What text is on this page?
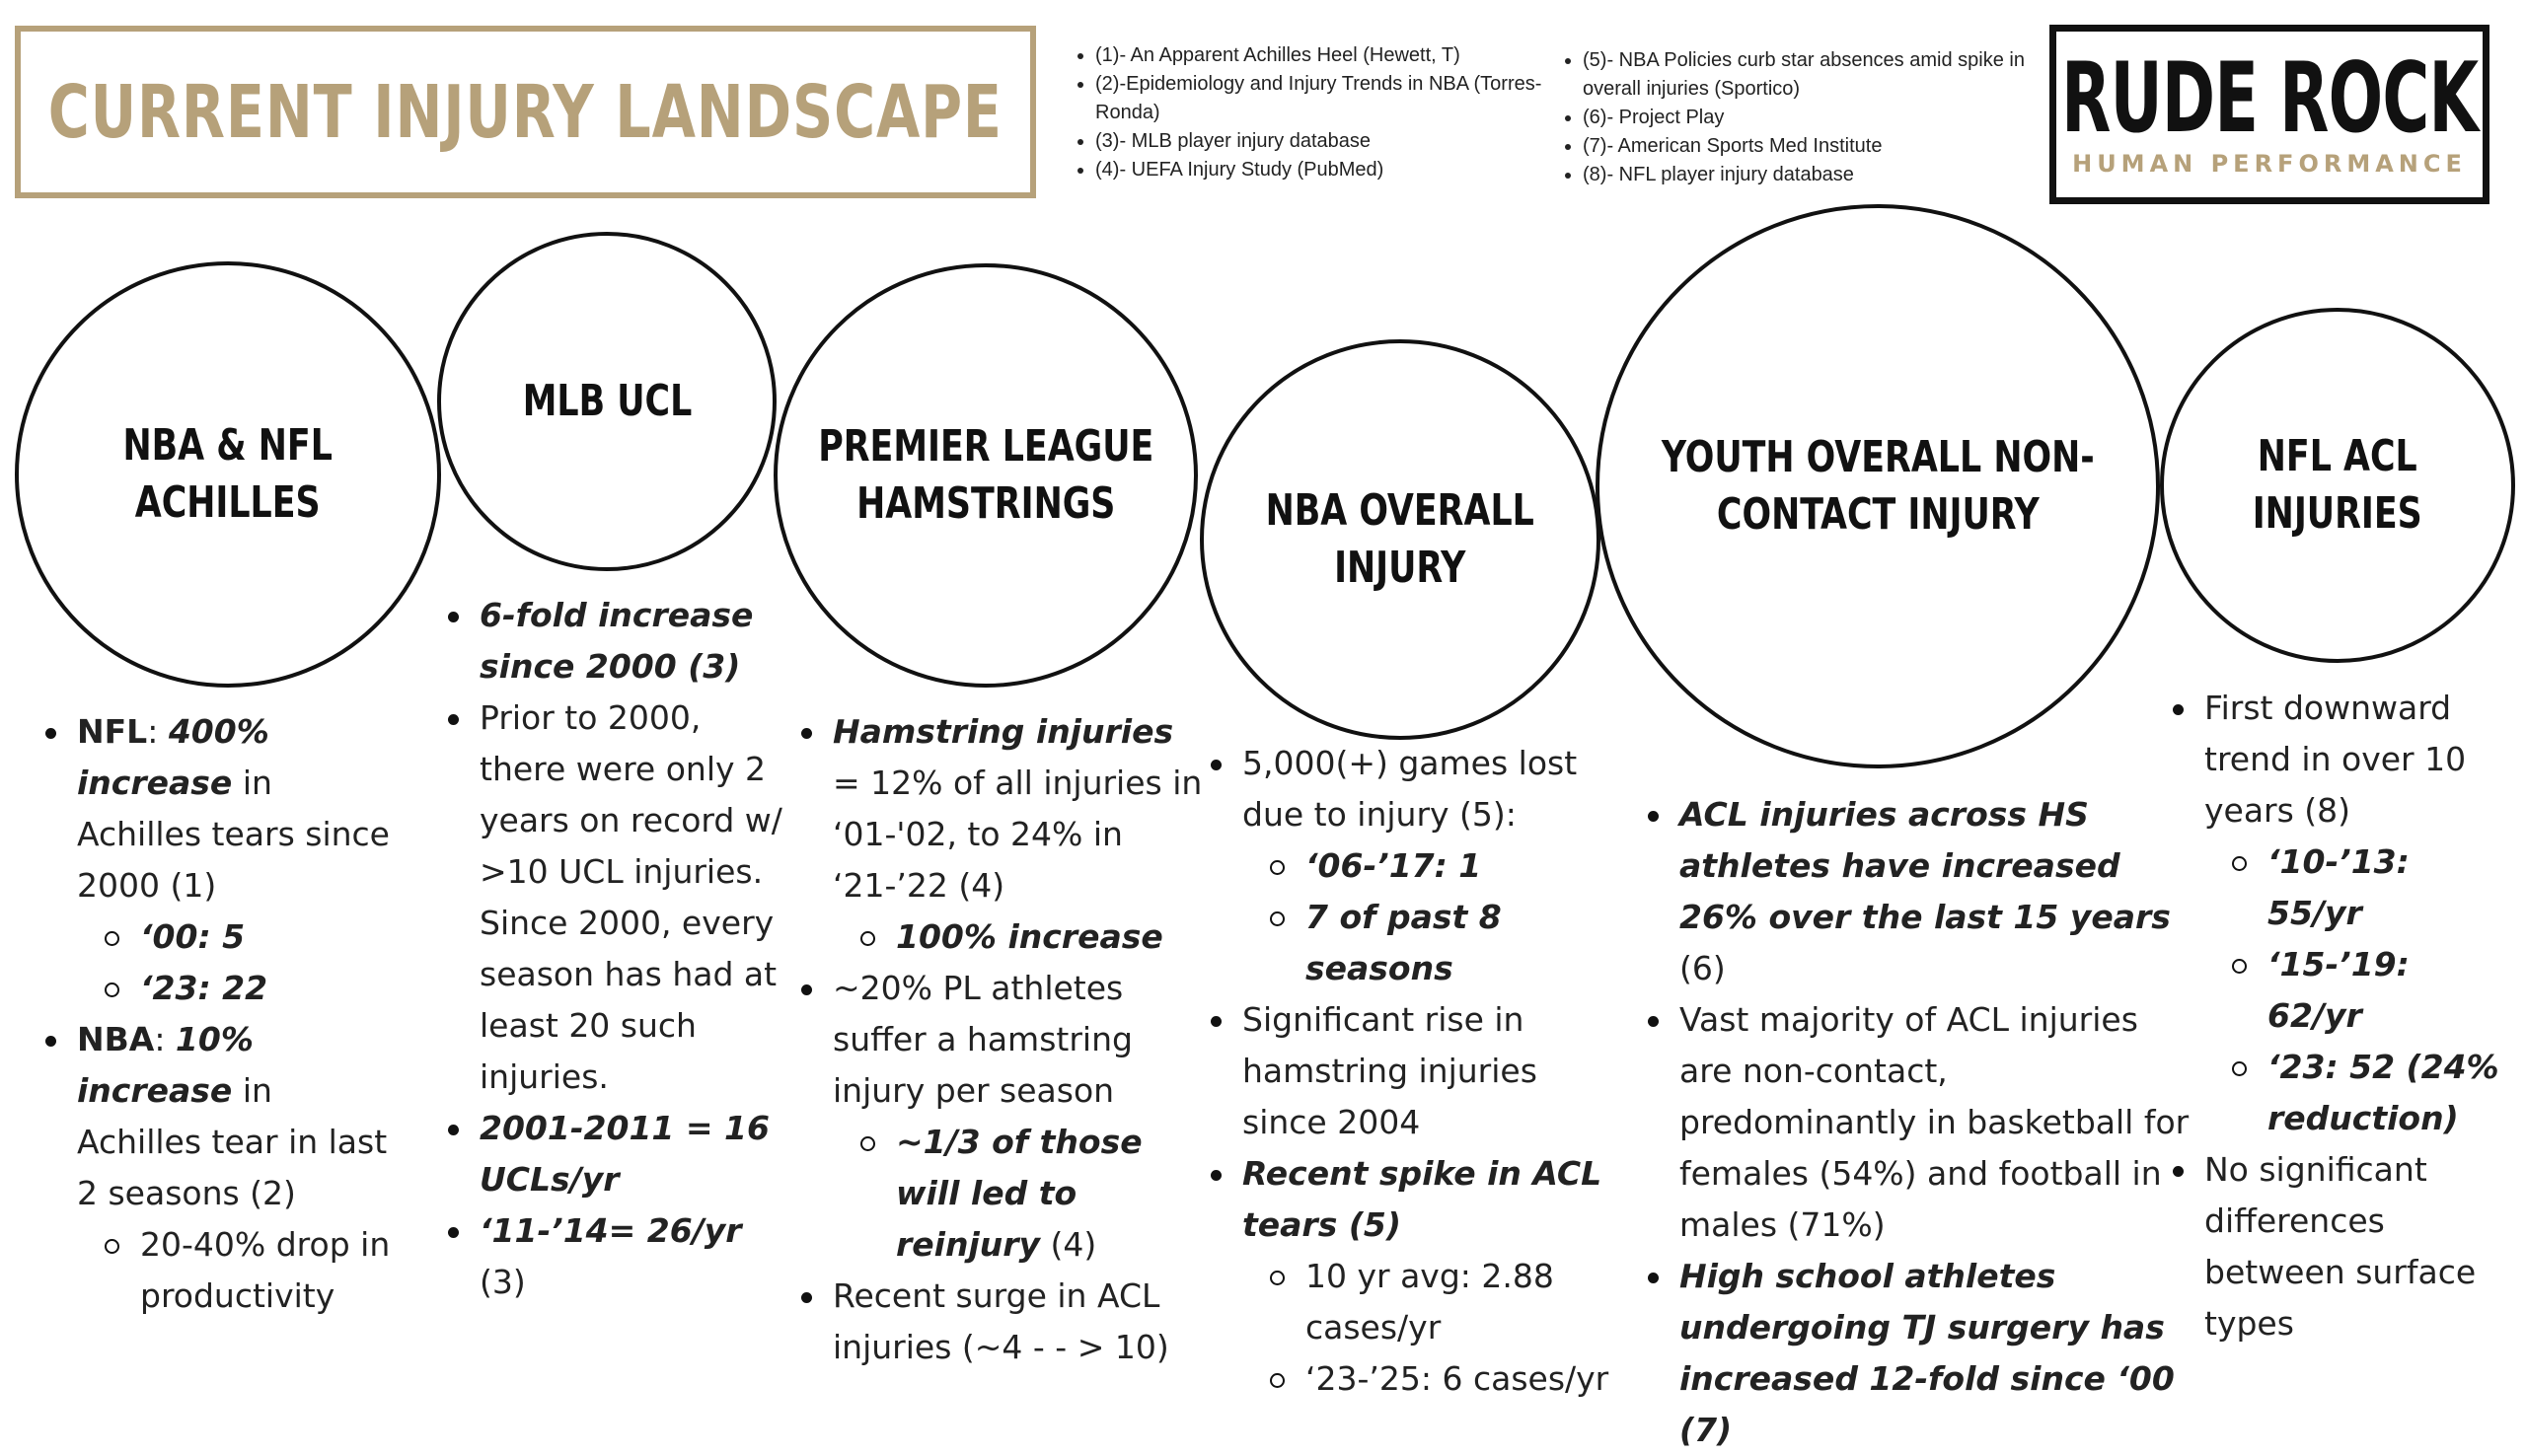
CURRENT INJURY LANDSCAPE
• (1)- An Apparent Achilles Heel (Hewett, T)
• (2)-Epidemiology and Injury Trends in NBA (Torres-Ronda)
• (3)- MLB player injury database
• (4)- UEFA Injury Study (PubMed)
• (5)- NBA Policies curb star absences amid spike in overall injuries (Sportico)
• (6)- Project Play
• (7)- American Sports Med Institute
• (8)- NFL player injury database
RUDE ROCK
HUMAN PERFORMANCE
NBA & NFL
ACHILLES
MLB UCL
PREMIER LEAGUE
HAMSTRINGS	NBA OVERALL
INJURY
YOUTH OVERALL NON-
CONTACT INJURY
NFL ACL
INJURIES
NFL: 400% increase in Achilles tears since 2000 (1)
‘00: 5
‘23: 22
NBA: 10% increase in Achilles tear in last 2 seasons (2)
20-40% drop in productivity
6-fold increase since 2000 (3)
Prior to 2000, there were only 2 years on record w/ >10 UCL injuries. Since 2000, every season has had at least 20 such injuries.
2001-2011 = 16 UCLs/yr
‘11-’14= 26/yr (3)
Hamstring injuries = 12% of all injuries in ‘01-'02, to 24% in ‘21-’22 (4)
100% increase
~20% PL athletes suffer a hamstring injury per season
~1/3 of those will led to reinjury (4)
Recent surge in ACL injuries (~4 - - > 10)
5,000(+) games lost due to injury (5):
‘06-’17: 1
7 of past 8 seasons
Significant rise in hamstring injuries since 2004
Recent spike in ACL tears (5)
10 yr avg: 2.88 cases/yr
‘23-’25: 6 cases/yr
ACL injuries across HS athletes have increased 26% over the last 15 years (6)
Vast majority of ACL injuries are non-contact, predominantly in basketball for females (54%) and football in males (71%)
High school athletes undergoing TJ surgery has increased 12-fold since ‘00 (7)
First downward trend in over 10 years (8)
‘10-’13: 55/yr
‘15-’19: 62/yr
‘23: 52 (24% reduction)
No significant differences between surface types
